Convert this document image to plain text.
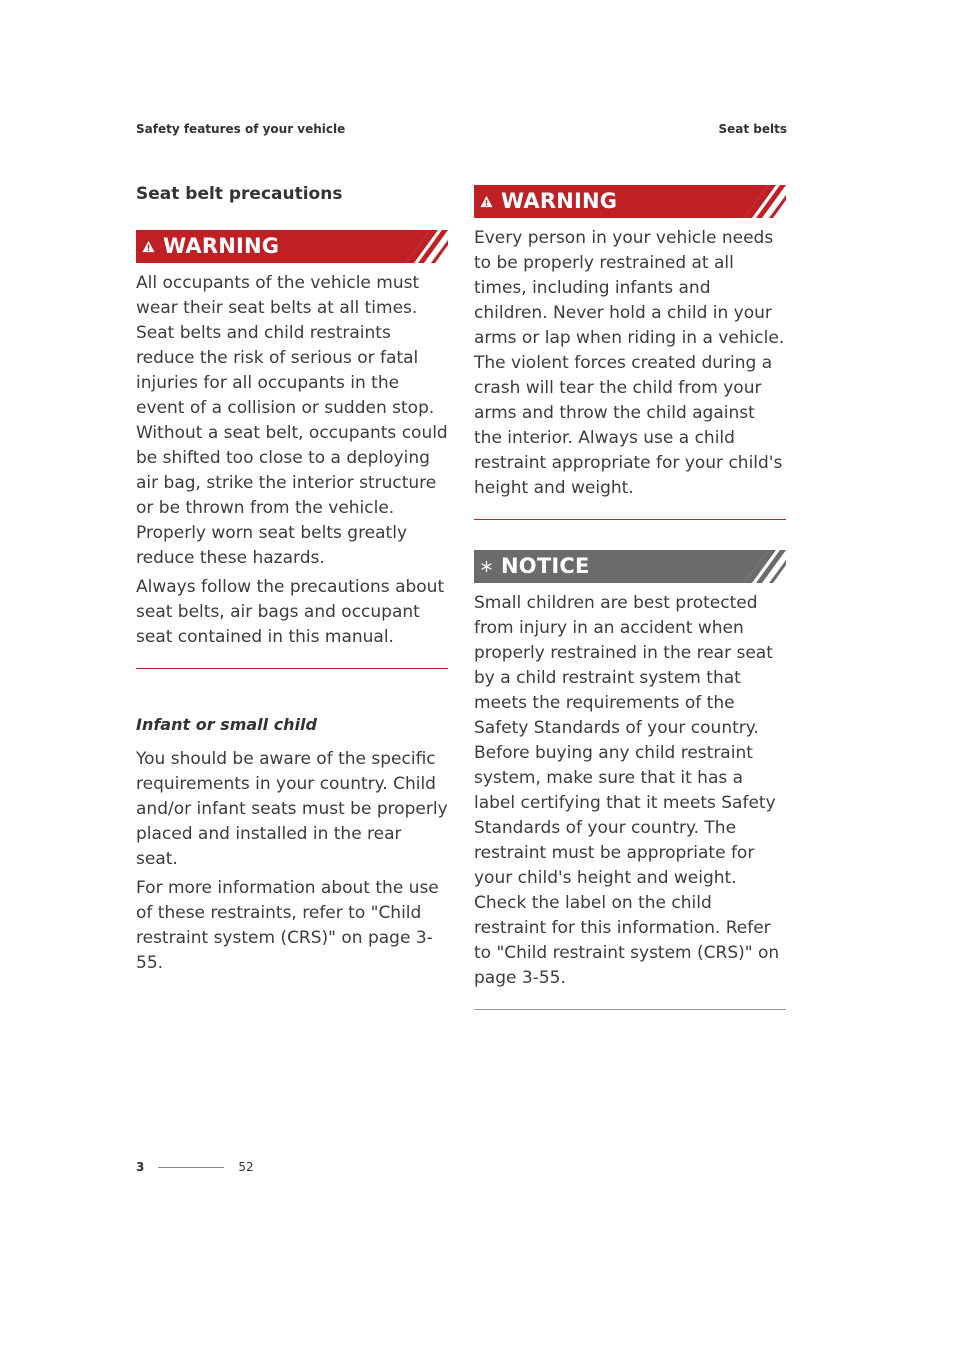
Safety features of your vehicle	Seat belts
Seat belt precautions
WARNING

All occupants of the vehicle must wear their seat belts at all times. Seat belts and child restraints reduce the risk of serious or fatal injuries for all occupants in the event of a collision or sudden stop. Without a seat belt, occupants could be shifted too close to a deploying air bag, strike the interior structure or be thrown from the vehicle. Properly worn seat belts greatly reduce these hazards.

Always follow the precautions about seat belts, air bags and occupant seat contained in this manual.

Infant or small child

You should be aware of the specific requirements in your country. Child and/or infant seats must be properly placed and installed in the rear seat.

For more information about the use of these restraints, refer to "Child restraint system (CRS)" on page 3-55.

WARNING

Every person in your vehicle needs to be properly restrained at all times, including infants and children. Never hold a child in your arms or lap when riding in a vehicle. The violent forces created during a crash will tear the child from your arms and throw the child against the interior. Always use a child restraint appropriate for your child's height and weight.

NOTICE

Small children are best protected from injury in an accident when properly restrained in the rear seat by a child restraint system that meets the requirements of the Safety Standards of your country. Before buying any child restraint system, make sure that it has a label certifying that it meets Safety Standards of your country. The restraint must be appropriate for your child's height and weight. Check the label on the child restraint for this information. Refer to "Child restraint system (CRS)" on page 3-55.

3	52
